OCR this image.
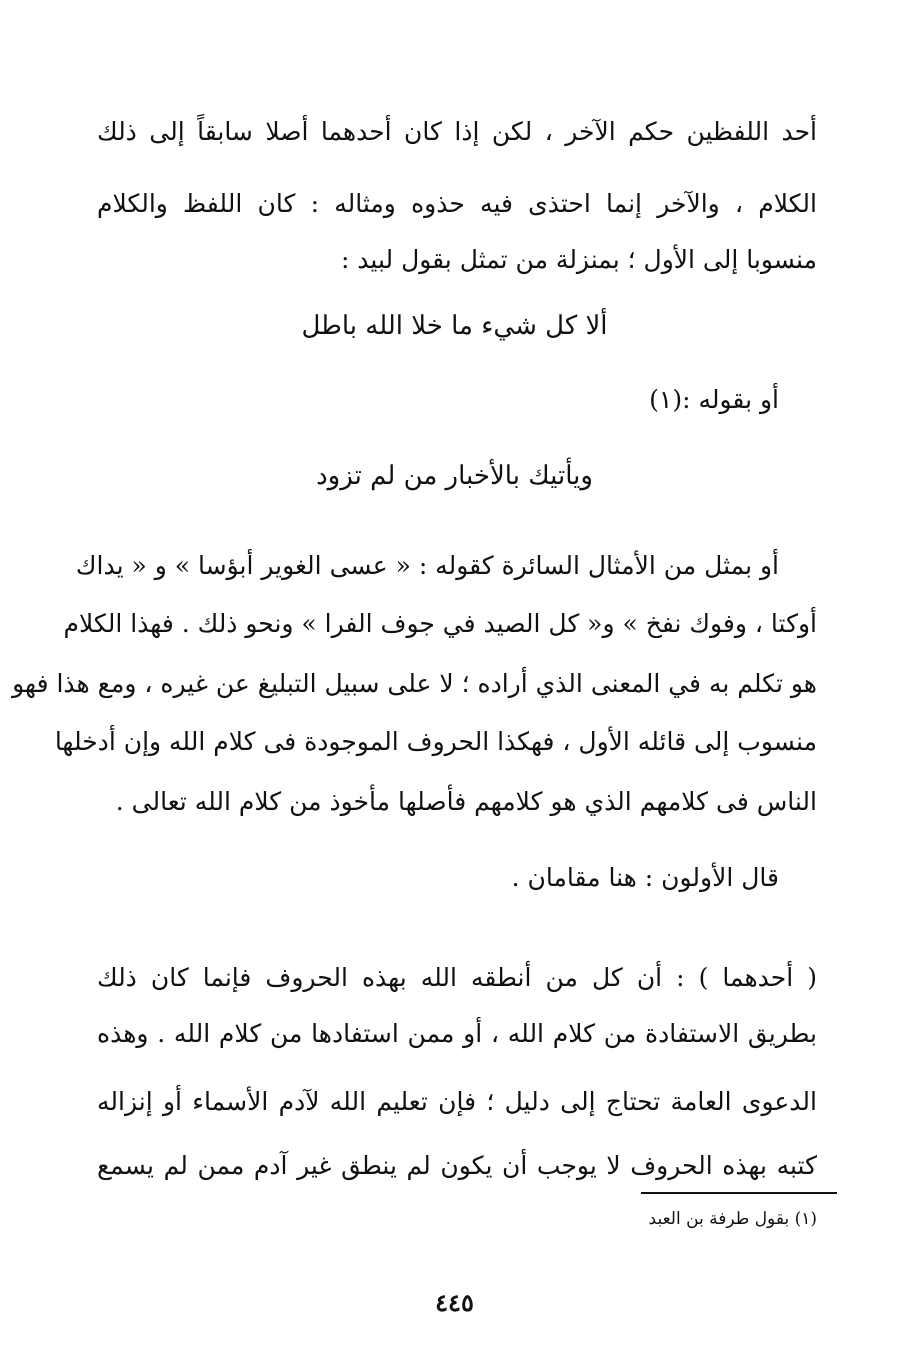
أحد اللفظين حكم الآخر ، لكن إذا كان أحدهما أصلا سابقاً إلى ذلك
الكلام ، والآخر إنما احتذى فيه حذوه ومثاله : كان اللفظ والكلام
منسوبا إلى الأول ؛ بمنزلة من تمثل بقول لبيد :
ألا كل شيء ما خلا الله باطل
أو بقوله :(١)
ويأتيك بالأخبار من لم تزود
أو بمثل من الأمثال السائرة كقوله : « عسى الغوير أبؤسا » و « يداك
أوكتا ، وفوك نفخ » و« كل الصيد في جوف الفرا » ونحو ذلك . فهذا الكلام
هو تكلم به في المعنى الذي أراده ؛ لا على سبيل التبليغ عن غيره ، ومع هذا فهو
منسوب إلى قائله الأول ، فهكذا الحروف الموجودة فى كلام الله وإن أدخلها
الناس فى كلامهم الذي هو كلامهم فأصلها مأخوذ من كلام الله تعالى .
قال الأولون : هنا مقامان .
( أحدهما ) : أن كل من أنطقه الله بهذه الحروف فإنما كان ذلك
بطريق الاستفادة من كلام الله ، أو ممن استفادها من كلام الله . وهذه
الدعوى العامة تحتاج إلى دليل ؛ فإن تعليم الله لآدم الأسماء أو إنزاله
كتبه بهذه الحروف لا يوجب أن يكون لم ينطق غير آدم ممن لم يسمع
(١) بقول طرفة بن العبد
٤٤٥
